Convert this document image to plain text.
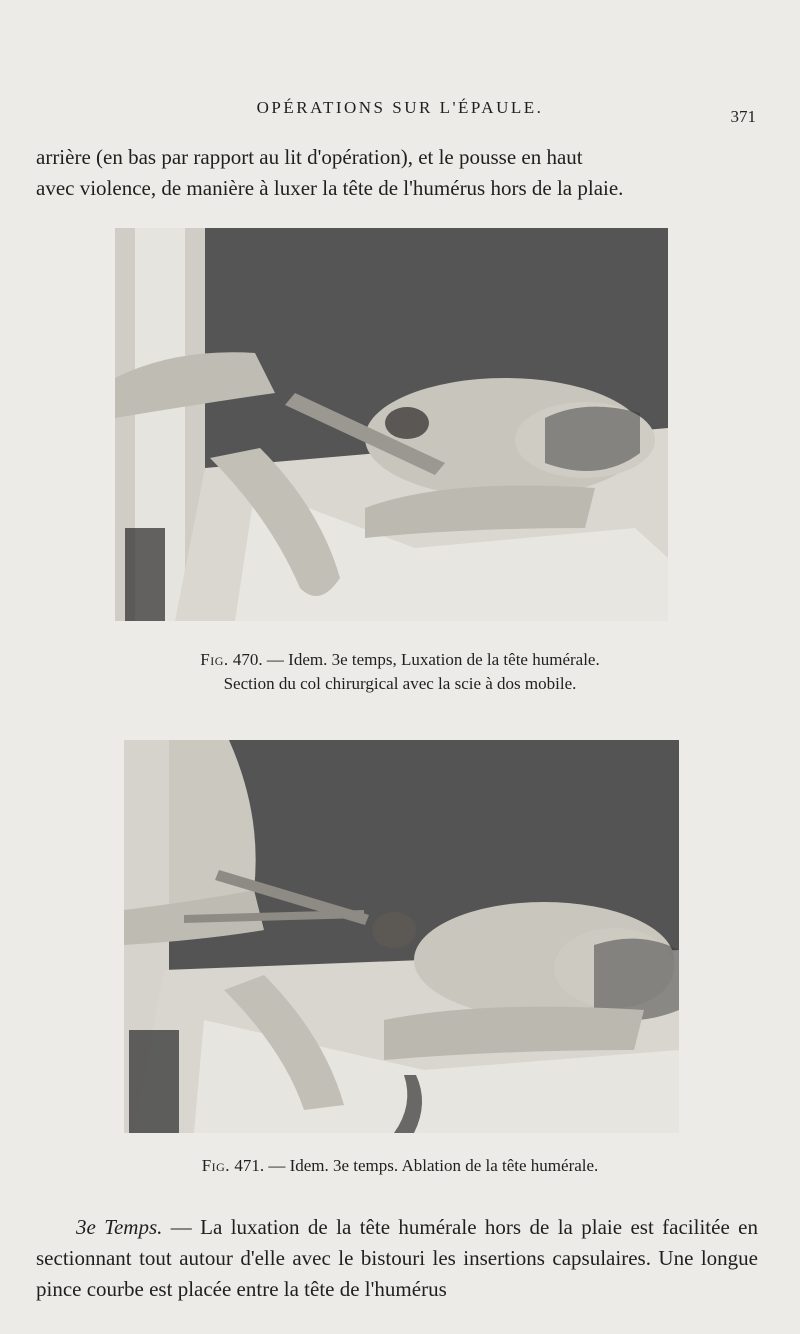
OPÉRATIONS SUR L'ÉPAULE.	371
arrière (en bas par rapport au lit d'opération), et le pousse en haut
avec violence, de manière à luxer la tête de l'humérus hors de la plaie.
Fig. 470. — Idem. 3e temps, Luxation de la tête humérale.
Section du col chirurgical avec la scie à dos mobile.
Fig. 471. — Idem. 3e temps. Ablation de la tête humérale.
3e Temps. — La luxation de la tête humérale hors de la plaie est facilitée en sectionnant tout autour d'elle avec le bistouri les insertions capsulaires. Une longue pince courbe est placée entre la tête de l'humérus
